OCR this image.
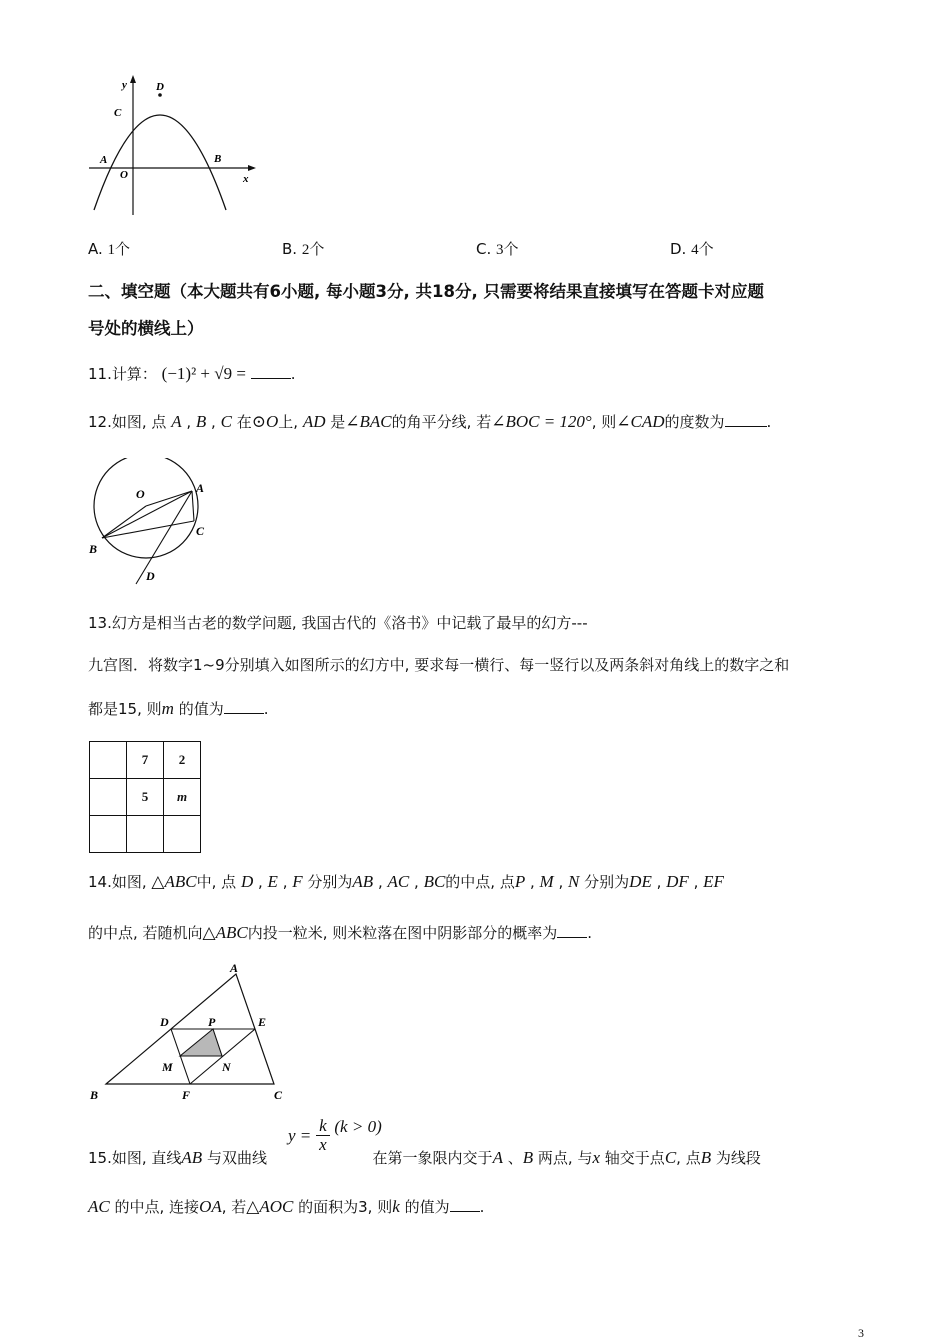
y
x
D
C
A
O
B
A. 1个	B. 2个	C. 3个	D. 4个
二、填空题（本大题共有6小题, 每小题3分, 共18分, 只需要将结果直接填写在答题卡对应题
号处的横线上）
11.计算： (−1)² + √9 =	.
12.如图, 点 A , B , C 在⊙O上, AD 是∠BAC的角平分线, 若∠BOC = 120°, 则∠CAD的度数为	.
O	A
B
C
D
13.幻方是相当古老的数学问题, 我国古代的《洛书》中记载了最早的幻方---
九宫图．将数字1~9分别填入如图所示的幻方中, 要求每一横行、每一竖行以及两条斜对角线上的数字之和
都是15, 则m 的值为	.
	7	2
	5	m

14.如图, △ABC中, 点 D , E , F 分别为AB , AC , BC的中点, 点P , M , N 分别为DE , DF , EF
的中点, 若随机向△ABC内投一粒米, 则米粒落在图中阴影部分的概率为 .
A
D	P	E
M	N
B	F	C
$y = \frac{k}{x} (k > 0)$
15.如图, 直线AB 与双曲线	在第一象限内交于A 、B 两点, 与x 轴交于点C, 点B 为线段
AC 的中点, 连接OA, 若△AOC 的面积为3, 则k 的值为 .
3
